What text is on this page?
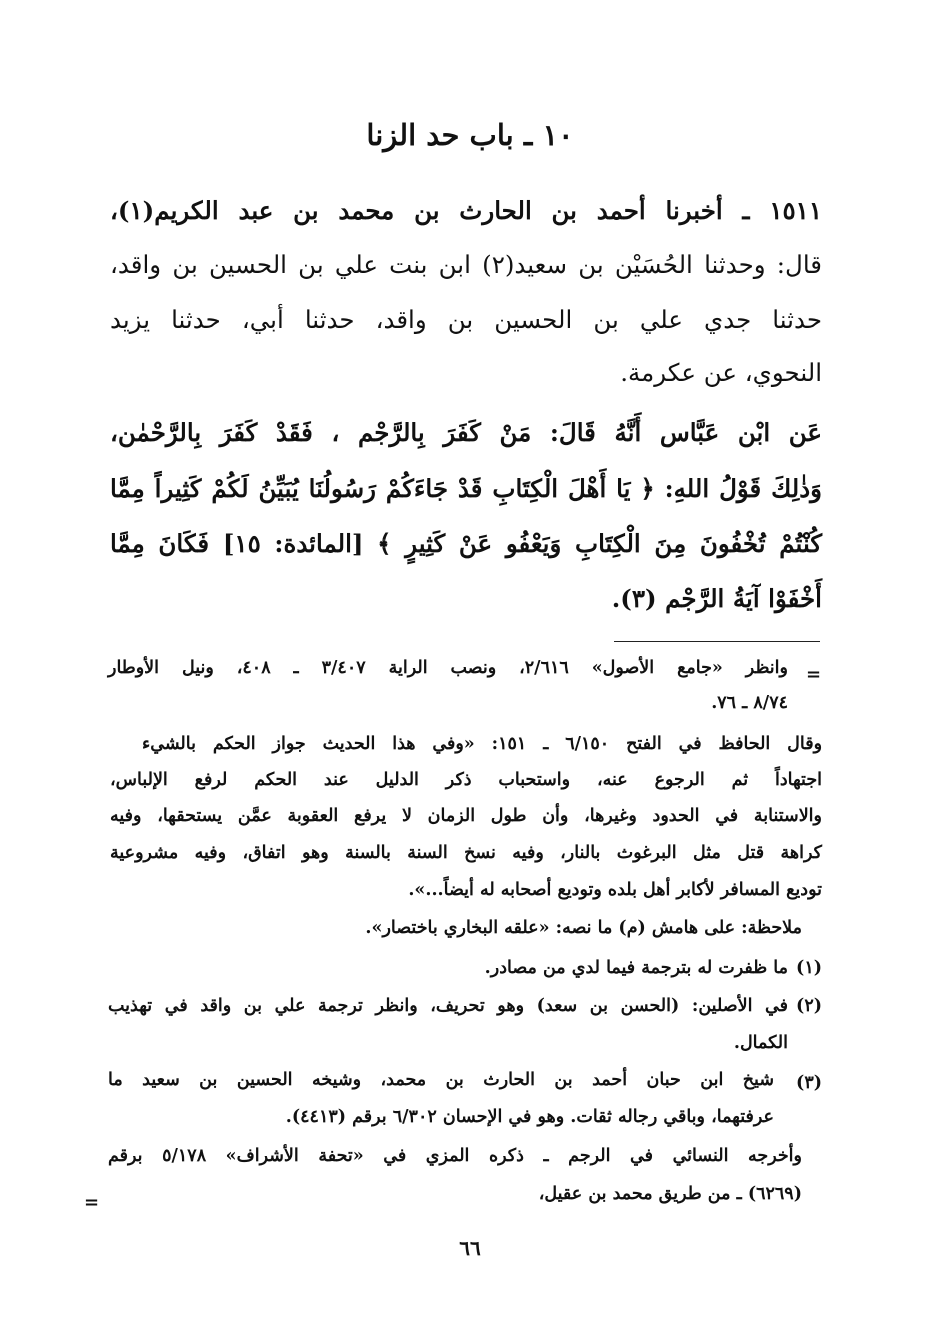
١٠ ـ باب حد الزنا
١٥١١ ـ أخبرنا أحمد بن الحارث بن محمد بن عبد الكريم(١)،
قال: وحدثنا الحُسَيْن بن سعيد(٢) ابن بنت علي بن الحسين بن واقد،
حدثنا جدي علي بن الحسين بن واقد، حدثنا أبي، حدثنا يزيد
النحوي، عن عكرمة.
عَن ابْن عَبَّاس أَنَّهُ قَالَ: مَنْ كَفَرَ بِالرَّجْم ، فَقَدْ كَفَرَ بِالرَّحْمٰن،
وَذٰلِكَ قَوْلُ اللهِ: ﴿ يَا أَهْلَ الْكِتَابِ قَدْ جَاءَكُمْ رَسُولُنَا يُبَيِّنُ لَكُمْ كَثِيراً مِمَّا
كُنْتُمْ تُخْفُونَ مِنَ الْكِتَابِ وَيَعْفُو عَنْ كَثِيرٍ ﴾ [المائدة: ١٥] فَكَانَ مِمَّا
أَخْفَوْا آيَةُ الرَّجْم (٣).
=
وانظر «جامع الأصول» ٢/٦١٦، ونصب الراية ٣/٤٠٧ ـ ٤٠٨، ونيل الأوطار
٨/٧٤ ـ ٧٦.
وقال الحافظ في الفتح ٦/١٥٠ ـ ١٥١: «وفي هذا الحديث جواز الحكم بالشيء
اجتهاداً ثم الرجوع عنه، واستحباب ذكر الدليل عند الحكم لرفع الإلباس،
والاستنابة في الحدود وغيرها، وأن طول الزمان لا يرفع العقوبة عمَّن يستحقها، وفيه
كراهة قتل مثل البرغوث بالنار، وفيه نسخ السنة بالسنة وهو اتفاق، وفيه مشروعية
توديع المسافر لأكابر أهل بلده وتوديع أصحابه له أيضاً...».
ملاحظة: على هامش (م) ما نصه: «علقه البخاري باختصار».
(١)
ما ظفرت له بترجمة فيما لدي من مصادر.
(٢)
في الأصلين: (الحسن بن سعد) وهو تحريف، وانظر ترجمة علي بن واقد في تهذيب
الكمال.
(٣)
شيخ ابن حبان أحمد بن الحارث بن محمد، وشيخه الحسين بن سعيد ما
عرفتهما، وباقي رجاله ثقات. وهو في الإحسان ٦/٣٠٢ برقم (٤٤١٣).
وأخرجه النسائي في الرجم ـ ذكره المزي في «تحفة الأشراف» ٥/١٧٨ برقم
(٦٢٦٩) ـ من طريق محمد بن عقيل،
=
٦٦
